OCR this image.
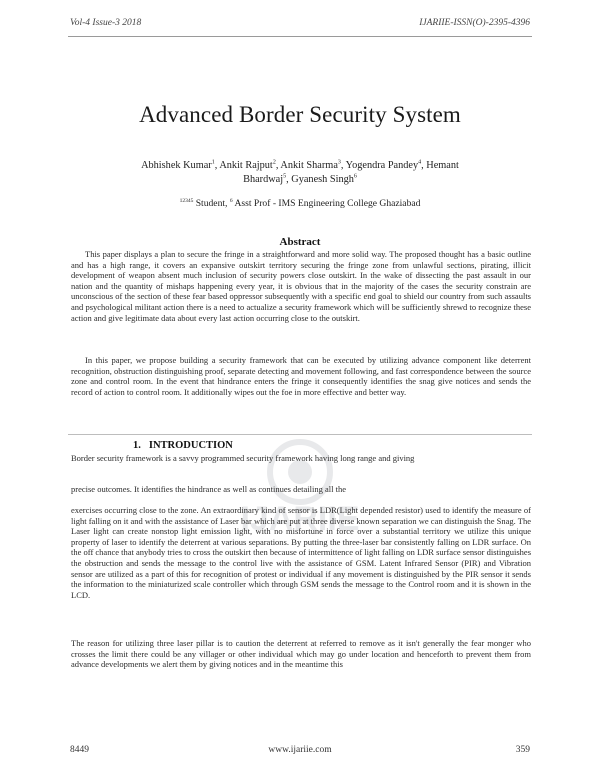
Vol-4 Issue-3 2018	IJARIIE-ISSN(O)-2395-4396
Advanced Border Security System
Abhishek Kumar$^1$, Ankit Rajput$^2$, Ankit Sharma$^3$, Yogendra Pandey$^4$, Hemant Bhardwaj$^5$, Gyanesh Singh$^6$
$^{12345}$ Student, $^6$ Asst Prof - IMS Engineering College Ghaziabad
Abstract
This paper displays a plan to secure the fringe in a straightforward and more solid way. The proposed thought has a basic outline and has a high range, it covers an expansive outskirt territory securing the fringe zone from unlawful sections, pirating, illicit development of weapon absent much inclusion of security powers close outskirt. In the wake of dissecting the past assault in our nation and the quantity of mishaps happening every year, it is obvious that in the majority of the cases the security constrain are unconscious of the section of these fear based oppressor subsequently with a specific end goal to shield our country from such assaults and psychological militant action there is a need to actualize a security framework which will be sufficiently shrewd to recognize these action and give legitimate data about every last action occurring close to the outskirt.
In this paper, we propose building a security framework that can be executed by utilizing advance component like deterrent recognition, obstruction distinguishing proof, separate detecting and movement following, and fast correspondence between the source zone and control room. In the event that hindrance enters the fringe it consequently identifies the snag give notices and sends the record of action to control room. It additionally wipes out the foe in more effective and better way.
IJARIIE
1. INTRODUCTION
Border security framework is a savvy programmed security framework having long range and giving
precise outcomes. It identifies the hindrance as well as continues detailing all the
exercises occurring close to the zone. An extraordinary kind of sensor is LDR(Light depended resistor) used to identify the measure of light falling on it and with the assistance of Laser bar which are put at three diverse known separation we can distinguish the Snag. The Laser light can create nonstop light emission light, with no misfortune in force over a substantial territory we utilize this unique property of laser to identify the deterrent at various separations. By putting the three-laser bar consistently falling on LDR surface. On the off chance that anybody tries to cross the outskirt then because of intermittence of light falling on LDR surface sensor distinguishes the obstruction and sends the message to the control live with the assistance of GSM. Latent Infrared Sensor (PIR) and Vibration sensor are utilized as a part of this for recognition of protest or individual if any movement is distinguished by the PIR sensor it sends the information to the miniaturized scale controller which through GSM sends the message to the Control room and it is shown in the LCD.
The reason for utilizing three laser pillar is to caution the deterrent at referred to remove as it isn't generally the fear monger who crosses the limit there could be any villager or other individual which may go under location and henceforth to prevent them from advance developments we alert them by giving notices and in the meantime this
8449	www.ijariie.com	359
